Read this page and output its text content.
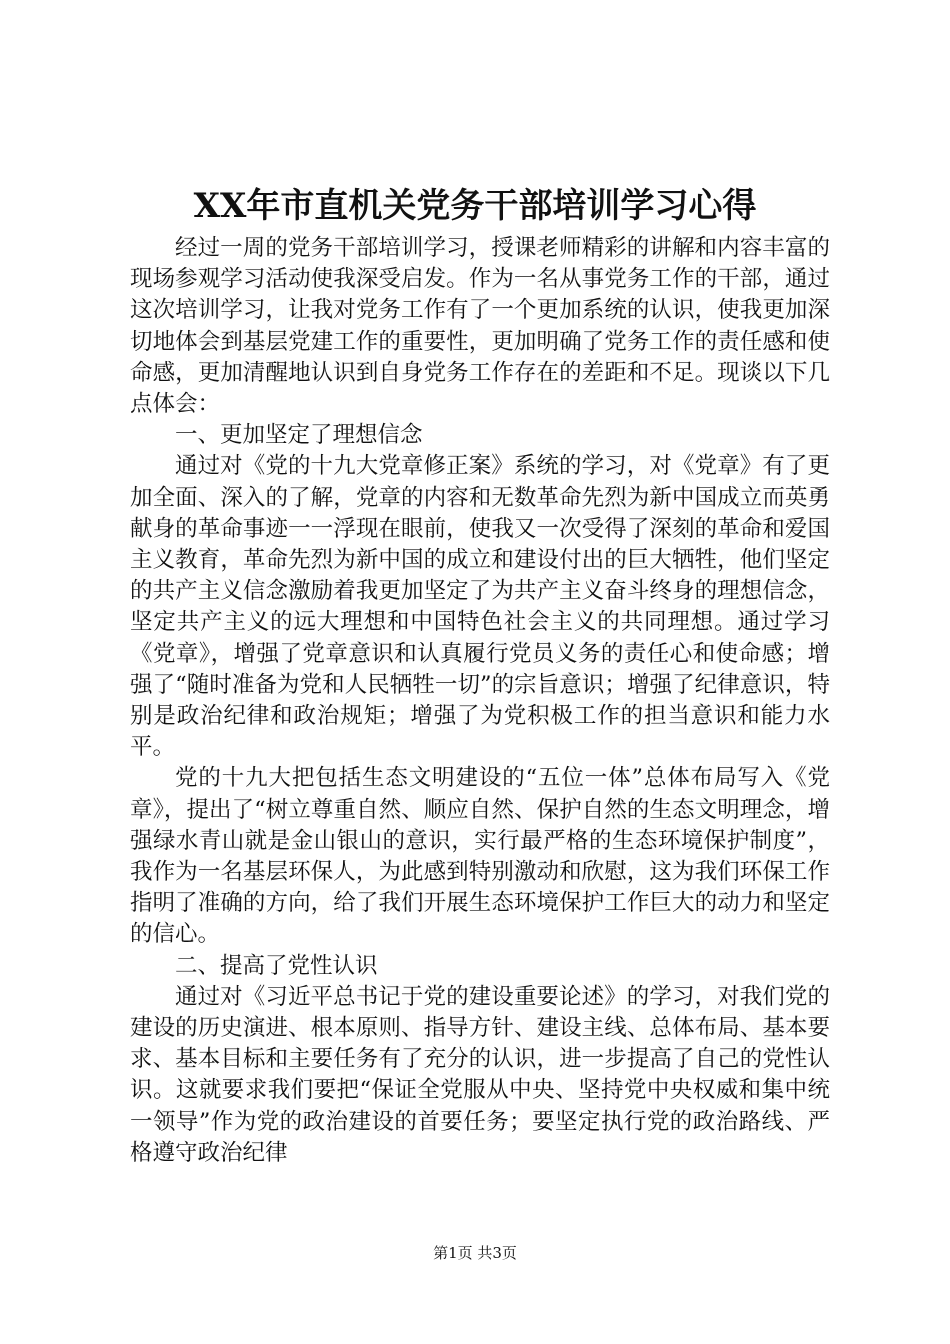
XX年市直机关党务干部培训学习心得

经过一周的党务干部培训学习，授课老师精彩的讲解和内容丰富的现场参观学习活动使我深受启发。作为一名从事党务工作的干部，通过这次培训学习，让我对党务工作有了一个更加系统的认识，使我更加深切地体会到基层党建工作的重要性，更加明确了党务工作的责任感和使命感，更加清醒地认识到自身党务工作存在的差距和不足。现谈以下几点体会：

一、更加坚定了理想信念

通过对《党的十九大党章修正案》系统的学习，对《党章》有了更加全面、深入的了解，党章的内容和无数革命先烈为新中国成立而英勇献身的革命事迹一一浮现在眼前，使我又一次受得了深刻的革命和爱国主义教育，革命先烈为新中国的成立和建设付出的巨大牺牲，他们坚定的共产主义信念激励着我更加坚定了为共产主义奋斗终身的理想信念，坚定共产主义的远大理想和中国特色社会主义的共同理想。通过学习《党章》，增强了党章意识和认真履行党员义务的责任心和使命感；增强了“随时准备为党和人民牺牲一切”的宗旨意识；增强了纪律意识，特别是政治纪律和政治规矩；增强了为党积极工作的担当意识和能力水平。

党的十九大把包括生态文明建设的“五位一体”总体布局写入《党章》，提出了“树立尊重自然、顺应自然、保护自然的生态文明理念，增强绿水青山就是金山银山的意识，实行最严格的生态环境保护制度”，我作为一名基层环保人，为此感到特别激动和欣慰，这为我们环保工作指明了准确的方向，给了我们开展生态环境保护工作巨大的动力和坚定的信心。

二、提高了党性认识

通过对《习近平总书记于党的建设重要论述》的学习，对我们党的建设的历史演进、根本原则、指导方针、建设主线、总体布局、基本要求、基本目标和主要任务有了充分的认识，进一步提高了自己的党性认识。这就要求我们要把“保证全党服从中央、坚持党中央权威和集中统一领导”作为党的政治建设的首要任务；要坚定执行党的政治路线、严格遵守政治纪律

第1页 共3页
